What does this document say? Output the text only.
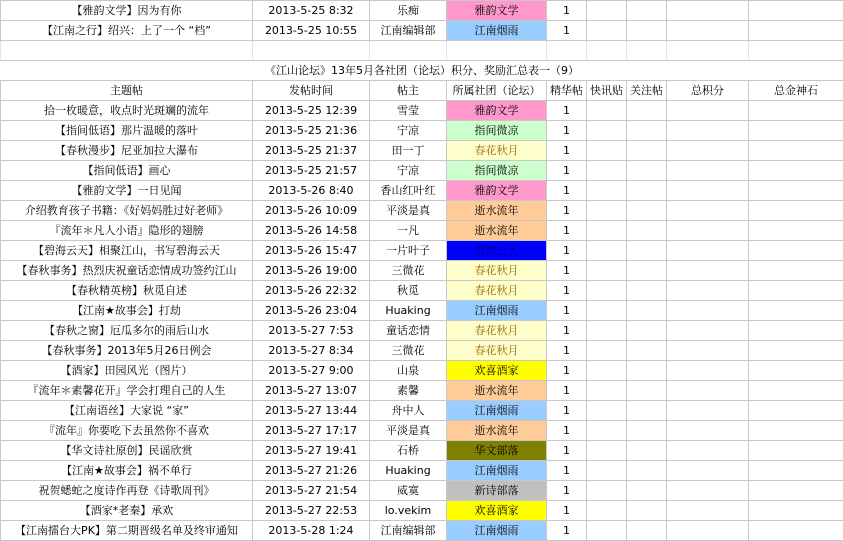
【雅韵文学】因为有你	2013-5-25 8:32	乐痴	雅韵文学	1				
【江南之行】绍兴：上了一个 “档”	2013-5-25 10:55	江南编辑部	江南烟雨	1				

《江山论坛》13年5月各社团（论坛）积分、奖励汇总表一（9）								
主题帖	发帖时间	帖主	所属社团（论坛）	精华帖	快讯贴	关注帖	总积分	总金神石
拾一枚暖意，收点时光斑斓的流年	2013-5-25 12:39	雪莹	雅韵文学	1				
【指间低语】那片温暖的落叶	2013-5-25 21:36	宁凉	指间微凉	1				
【春秋漫步】尼亚加拉大瀑布	2013-5-25 21:37	田一丁	春花秋月	1				
【指间低语】画心	2013-5-25 21:57	宁凉	指间微凉	1				
【雅韵文学】一日见闻	2013-5-26 8:40	香山红叶红	雅韵文学	1				
介绍教育孩子书籍：《好妈妈胜过好老师》	2013-5-26 10:09	平淡是真	逝水流年	1				
『流年＊凡人小语』隐形的翅膀	2013-5-26 14:58	一凡	逝水流年	1				
【碧海云天】相聚江山，书写碧海云天	2013-5-26 15:47	一片叶子	碧海云天	1				
【春秋事务】热烈庆祝童话恋情成功签约江山	2013-5-26 19:00	三微花	春花秋月	1				
【春秋精英榜】秋觅自述	2013-5-26 22:32	秋觅	春花秋月	1				
【江南★故事会】打劫	2013-5-26 23:04	Huaking	江南烟雨	1				
【春秋之窗】厄瓜多尔的雨后山水	2013-5-27 7:53	童话恋情	春花秋月	1				
【春秋事务】2013年5月26日例会	2013-5-27 8:34	三微花	春花秋月	1				
【酒家】田园风光（图片）	2013-5-27 9:00	山泉	欢喜酒家	1				
『流年＊素馨花开』学会打理自己的人生	2013-5-27 13:07	素馨	逝水流年	1				
【江南语丝】大家说 “家”	2013-5-27 13:44	舟中人	江南烟雨	1				
『流年』你要吃下去虽然你不喜欢	2013-5-27 17:17	平淡是真	逝水流年	1				
【华文诗社原创】民谣欣赏	2013-5-27 19:41	石桥	华文部落	1				
【江南★故事会】祸不单行	2013-5-27 21:26	Huaking	江南烟雨	1				
祝贺蟋蛇之度诗作再登《诗歌周刊》	2013-5-27 21:54	威寞	新诗部落	1				
【酒家*老秦】承欢	2013-5-27 22:53	lo.vekim	欢喜酒家	1				
【江南擂台大PK】第二期晋级名单及终审通知	2013-5-28 1:24	江南编辑部	江南烟雨	1				
